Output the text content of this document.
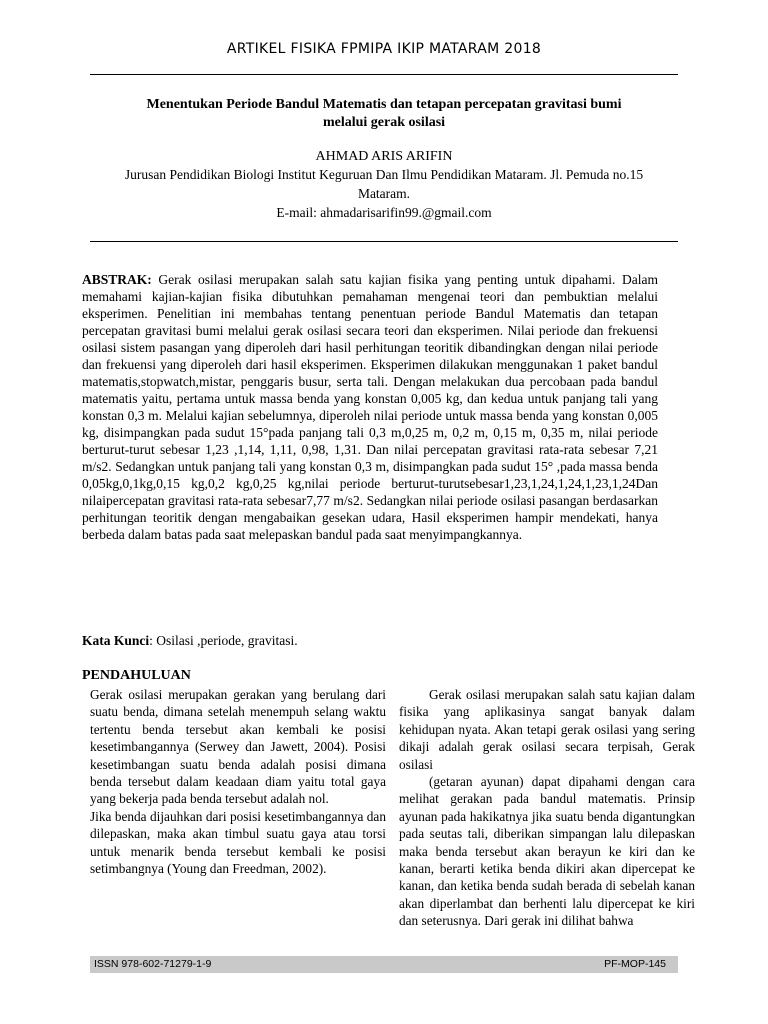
ARTIKEL FISIKA FPMIPA IKIP MATARAM 2018
Menentukan Periode Bandul Matematis dan tetapan percepatan gravitasi bumi
melalui gerak osilasi
AHMAD ARIS ARIFIN
Jurusan Pendidikan Biologi Institut Keguruan Dan Ilmu Pendidikan Mataram. Jl. Pemuda no.15 Mataram.
E-mail: ahmadarisarifin99.@gmail.com
ABSTRAK: Gerak osilasi merupakan salah satu kajian fisika yang penting untuk dipahami. Dalam memahami kajian-kajian fisika dibutuhkan pemahaman mengenai teori dan pembuktian melalui eksperimen. Penelitian ini membahas tentang penentuan periode Bandul Matematis dan tetapan percepatan gravitasi bumi melalui gerak osilasi secara teori dan eksperimen. Nilai periode dan frekuensi osilasi sistem pasangan yang diperoleh dari hasil perhitungan teoritik dibandingkan dengan nilai periode dan frekuensi yang diperoleh dari hasil eksperimen. Eksperimen dilakukan menggunakan 1 paket bandul matematis,stopwatch,mistar, penggaris busur, serta tali. Dengan melakukan dua percobaan pada bandul matematis yaitu, pertama untuk massa benda yang konstan 0,005 kg, dan kedua untuk panjang tali yang konstan 0,3 m. Melalui kajian sebelumnya, diperoleh nilai periode untuk massa benda yang konstan 0,005 kg, disimpangkan pada sudut 15°pada panjang tali 0,3 m,0,25 m, 0,2 m, 0,15 m, 0,35 m, nilai periode berturut-turut sebesar 1,23 ,1,14, 1,11, 0,98, 1,31. Dan nilai percepatan gravitasi rata-rata sebesar 7,21 m/s2. Sedangkan untuk panjang tali yang konstan 0,3 m, disimpangkan pada sudut 15° ,pada massa benda 0,05kg,0,1kg,0,15 kg,0,2 kg,0,25 kg,nilai periode berturut-turutsebesar1,23,1,24,1,24,1,23,1,24Dan nilaipercepatan gravitasi rata-rata sebesar7,77 m/s2. Sedangkan nilai periode osilasi pasangan berdasarkan perhitungan teoritik dengan mengabaikan gesekan udara, Hasil eksperimen hampir mendekati, hanya berbeda dalam batas pada saat melepaskan bandul pada saat menyimpangkannya.
Kata Kunci: Osilasi ,periode, gravitasi.
PENDAHULUAN

Gerak osilasi merupakan gerakan yang berulang dari suatu benda, dimana setelah menempuh selang waktu tertentu benda tersebut akan kembali ke posisi kesetimbangannya (Serwey dan Jawett, 2004). Posisi kesetimbangan suatu benda adalah posisi dimana benda tersebut dalam keadaan diam yaitu total gaya yang bekerja pada benda tersebut adalah nol.

Jika benda dijauhkan dari posisi kesetimbangannya dan dilepaskan, maka akan timbul suatu gaya atau torsi untuk menarik benda tersebut kembali ke posisi setimbangnya (Young dan Freedman, 2002).

Gerak osilasi merupakan salah satu kajian dalam fisika yang aplikasinya sangat banyak dalam kehidupan nyata. Akan tetapi gerak osilasi yang sering dikaji adalah gerak osilasi secara terpisah, Gerak osilasi

(getaran ayunan) dapat dipahami dengan cara melihat gerakan pada bandul matematis. Prinsip ayunan pada hakikatnya jika suatu benda digantungkan pada seutas tali, diberikan simpangan lalu dilepaskan maka benda tersebut akan berayun ke kiri dan ke kanan, berarti ketika benda dikiri akan dipercepat ke kanan, dan ketika benda sudah berada di sebelah kanan akan diperlambat dan berhenti lalu dipercepat ke kiri dan seterusnya. Dari gerak ini dilihat bahwa

ISSN 978-602-71279-1-9	PF-MOP-145
